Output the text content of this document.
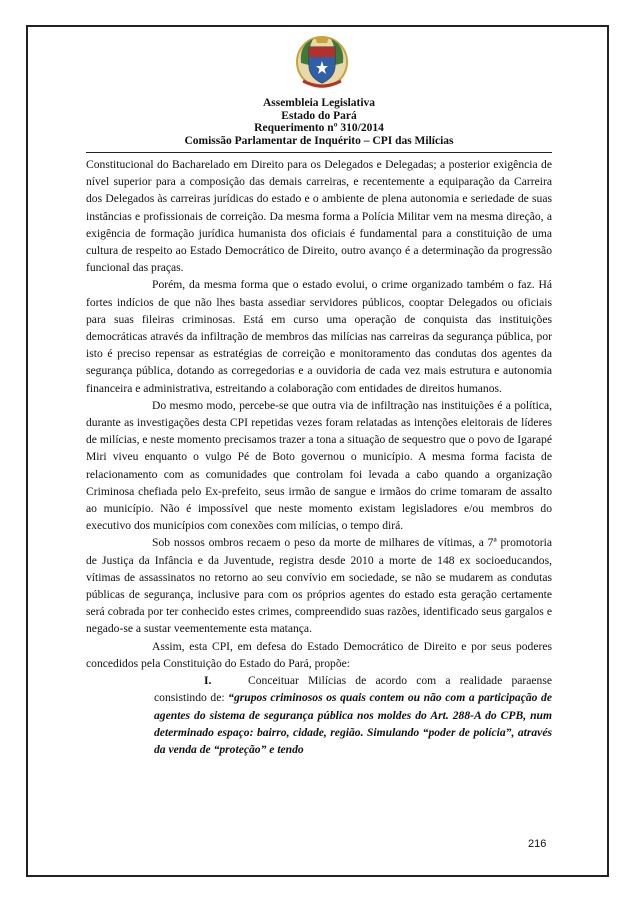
Assembleia Legislativa
Estado do Pará
Requerimento nº 310/2014
Comissão Parlamentar de Inquérito – CPI das Milícias

Constitucional do Bacharelado em Direito para os Delegados e Delegadas; a posterior exigência de nível superior para a composição das demais carreiras, e recentemente a equiparação da Carreira dos Delegados às carreiras jurídicas do estado e o ambiente de plena autonomia e seriedade de suas instâncias e profissionais de correição. Da mesma forma a Polícia Militar vem na mesma direção, a exigência de formação jurídica humanista dos oficiais é fundamental para a constituição de uma cultura de respeito ao Estado Democrático de Direito, outro avanço é a determinação da progressão funcional das praças.

Porém, da mesma forma que o estado evolui, o crime organizado também o faz. Há fortes indícios de que não lhes basta assediar servidores públicos, cooptar Delegados ou oficiais para suas fileiras criminosas. Está em curso uma operação de conquista das instituições democráticas através da infiltração de membros das milícias nas carreiras da segurança pública, por isto é preciso repensar as estratégias de correição e monitoramento das condutas dos agentes da segurança pública, dotando as corregedorias e a ouvidoria de cada vez mais estrutura e autonomia financeira e administrativa, estreitando a colaboração com entidades de direitos humanos.

Do mesmo modo, percebe-se que outra via de infiltração nas instituições é a política, durante as investigações desta CPI repetidas vezes foram relatadas as intenções eleitorais de líderes de milícias, e neste momento precisamos trazer a tona a situação de sequestro que o povo de Igarapé Miri viveu enquanto o vulgo Pé de Boto governou o município. A mesma forma facista de relacionamento com as comunidades que controlam foi levada a cabo quando a organização Criminosa chefiada pelo Ex-prefeito, seus irmão de sangue e irmãos do crime tomaram de assalto ao município. Não é impossível que neste momento existam legisladores e/ou membros do executivo dos municípios com conexões com milícias, o tempo dirá.

Sob nossos ombros recaem o peso da morte de milhares de vítimas, a 7ª promotoria de Justiça da Infância e da Juventude, registra desde 2010 a morte de 148 ex socioeducandos, vítimas de assassinatos no retorno ao seu convívio em sociedade, se não se mudarem as condutas públicas de segurança, inclusive para com os próprios agentes do estado esta geração certamente será cobrada por ter conhecido estes crimes, compreendido suas razões, identificado seus gargalos e negado-se a sustar veementemente esta matança.

Assim, esta CPI, em defesa do Estado Democrático de Direito e por seus poderes concedidos pela Constituição do Estado do Pará, propõe:

I.	Conceituar Milícias de acordo com a realidade paraense consistindo de: “grupos criminosos os quais contem ou não com a participação de agentes do sistema de segurança pública nos moldes do Art. 288-A do CPB, num determinado espaço: bairro, cidade, região. Simulando “poder de polícia”, através da venda de “proteção” e tendo
216
